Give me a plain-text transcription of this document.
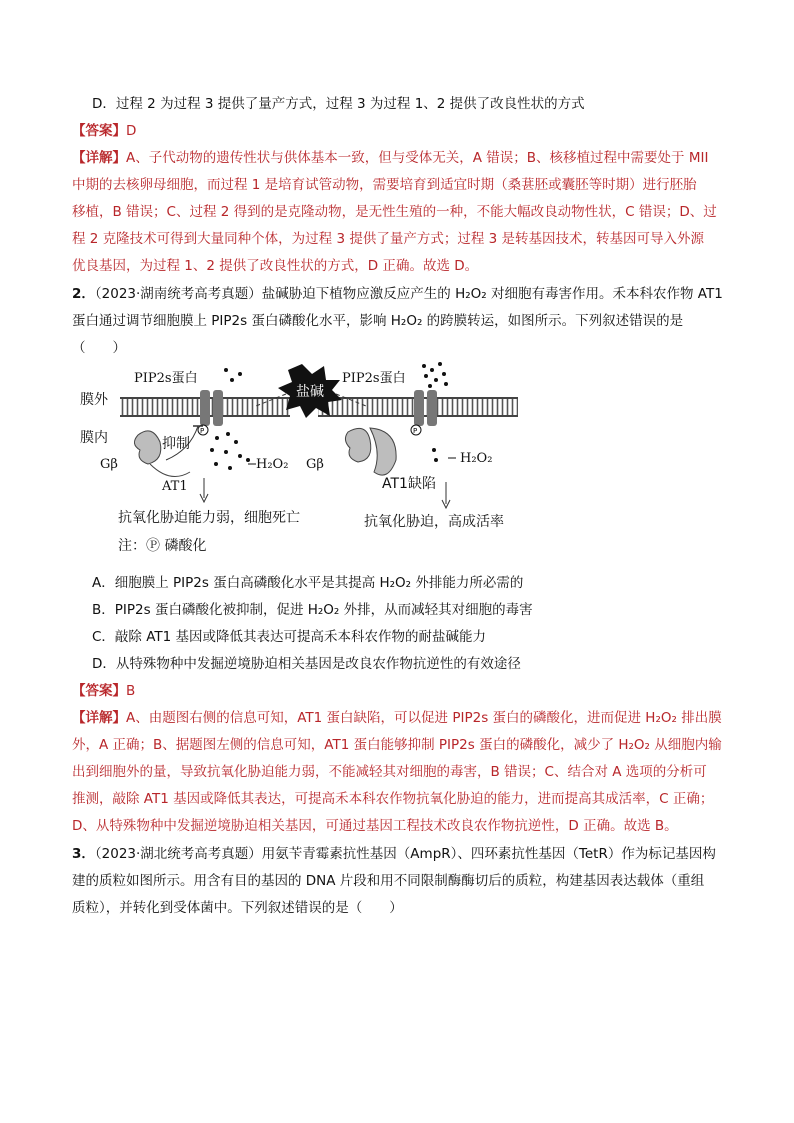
D．过程 2 为过程 3 提供了量产方式，过程 3 为过程 1、2 提供了改良性状的方式
【答案】D
【详解】A、子代动物的遗传性状与供体基本一致，但与受体无关，A 错误；B、核移植过程中需要处于 MII
中期的去核卵母细胞，而过程 1 是培育试管动物，需要培育到适宜时期（桑葚胚或囊胚等时期）进行胚胎
移植，B 错误；C、过程 2 得到的是克隆动物，是无性生殖的一种，不能大幅改良动物性状，C 错误；D、过
程 2 克隆技术可得到大量同种个体，为过程 3 提供了量产方式；过程 3 是转基因技术，转基因可导入外源
优良基因，为过程 1、2 提供了改良性状的方式，D 正确。故选 D。
2．（2023·湖南统考高考真题）盐碱胁迫下植物应激反应产生的 H₂O₂ 对细胞有毒害作用。禾本科农作物 AT1
蛋白通过调节细胞膜上 PIP2s 蛋白磷酸化水平，影响 H₂O₂ 的跨膜转运，如图所示。下列叙述错误的是
（　　）
膜外
膜内
PIP2s蛋白
P
Gβ
AT1
抑制
H₂O₂
抗氧化胁迫能力弱，细胞死亡
注：Ⓟ 磷酸化
盐碱
PIP2s蛋白
P
Gβ
AT1缺陷
H₂O₂
抗氧化胁迫，高成活率
A．细胞膜上 PIP2s 蛋白高磷酸化水平是其提高 H₂O₂ 外排能力所必需的
B．PIP2s 蛋白磷酸化被抑制，促进 H₂O₂ 外排，从而减轻其对细胞的毒害
C．敲除 AT1 基因或降低其表达可提高禾本科农作物的耐盐碱能力
D．从特殊物种中发掘逆境胁迫相关基因是改良农作物抗逆性的有效途径
【答案】B
【详解】A、由题图右侧的信息可知，AT1 蛋白缺陷，可以促进 PIP2s 蛋白的磷酸化，进而促进 H₂O₂ 排出膜
外，A 正确；B、据题图左侧的信息可知，AT1 蛋白能够抑制 PIP2s 蛋白的磷酸化，减少了 H₂O₂ 从细胞内输
出到细胞外的量，导致抗氧化胁迫能力弱，不能减轻其对细胞的毒害，B 错误；C、结合对 A 选项的分析可
推测，敲除 AT1 基因或降低其表达，可提高禾本科农作物抗氧化胁迫的能力，进而提高其成活率，C 正确；
D、从特殊物种中发掘逆境胁迫相关基因，可通过基因工程技术改良农作物抗逆性，D 正确。故选 B。
3．（2023·湖北统考高考真题）用氨苄青霉素抗性基因（AmpR）、四环素抗性基因（TetR）作为标记基因构
建的质粒如图所示。用含有目的基因的 DNA 片段和用不同限制酶酶切后的质粒，构建基因表达载体（重组
质粒），并转化到受体菌中。下列叙述错误的是（　　）
